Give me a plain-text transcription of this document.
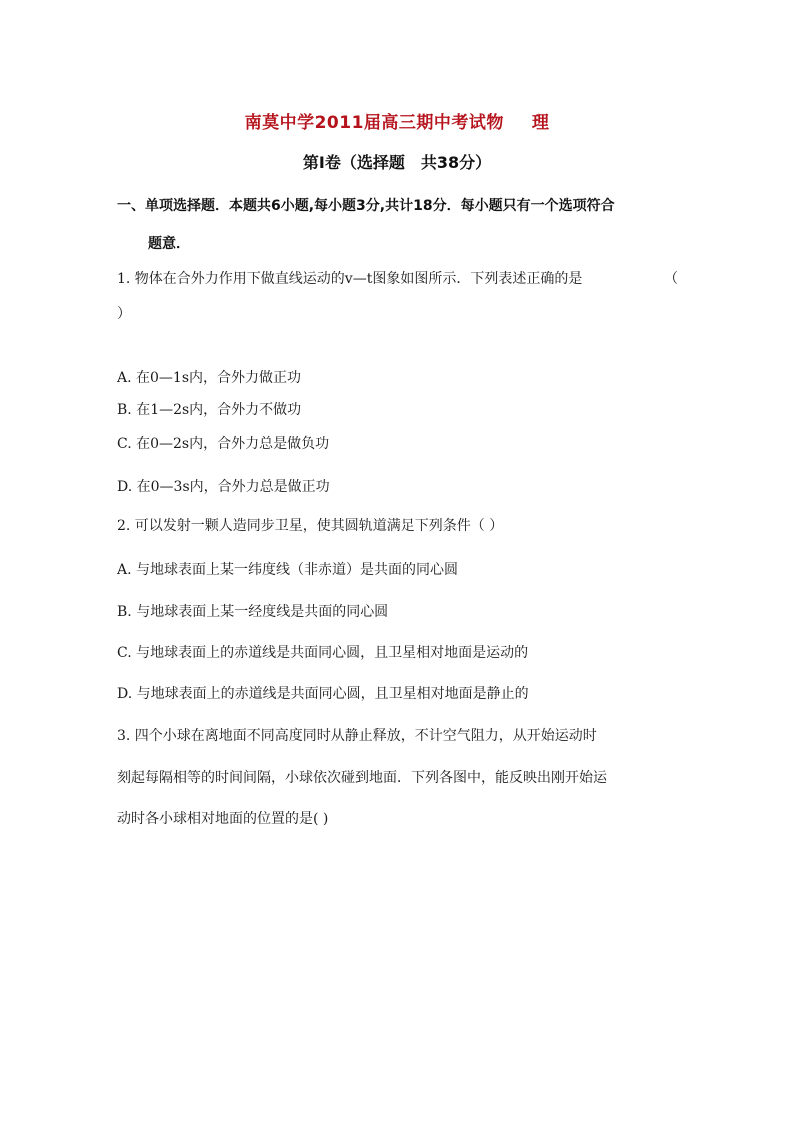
南莫中学2011届高三期中考试物 理
第Ⅰ卷（选择题　共38分）
一、单项选择题．本题共6小题,每小题3分,共计18分．每小题只有一个选项符合
题意．
1. 物体在合外力作用下做直线运动的v—t图象如图所示．下列表述正确的是	（
）
A. 在0—1s内，合外力做正功
B. 在1—2s内，合外力不做功
C. 在0—2s内，合外力总是做负功
D. 在0—3s内，合外力总是做正功
2. 可以发射一颗人造同步卫星，使其圆轨道满足下列条件（ ）
A. 与地球表面上某一纬度线（非赤道）是共面的同心圆
B. 与地球表面上某一经度线是共面的同心圆
C. 与地球表面上的赤道线是共面同心圆，且卫星相对地面是运动的
D. 与地球表面上的赤道线是共面同心圆，且卫星相对地面是静止的
3. 四个小球在离地面不同高度同时从静止释放，不计空气阻力，从开始运动时
刻起每隔相等的时间间隔，小球依次碰到地面．下列各图中，能反映出刚开始运
动时各小球相对地面的位置的是( )
